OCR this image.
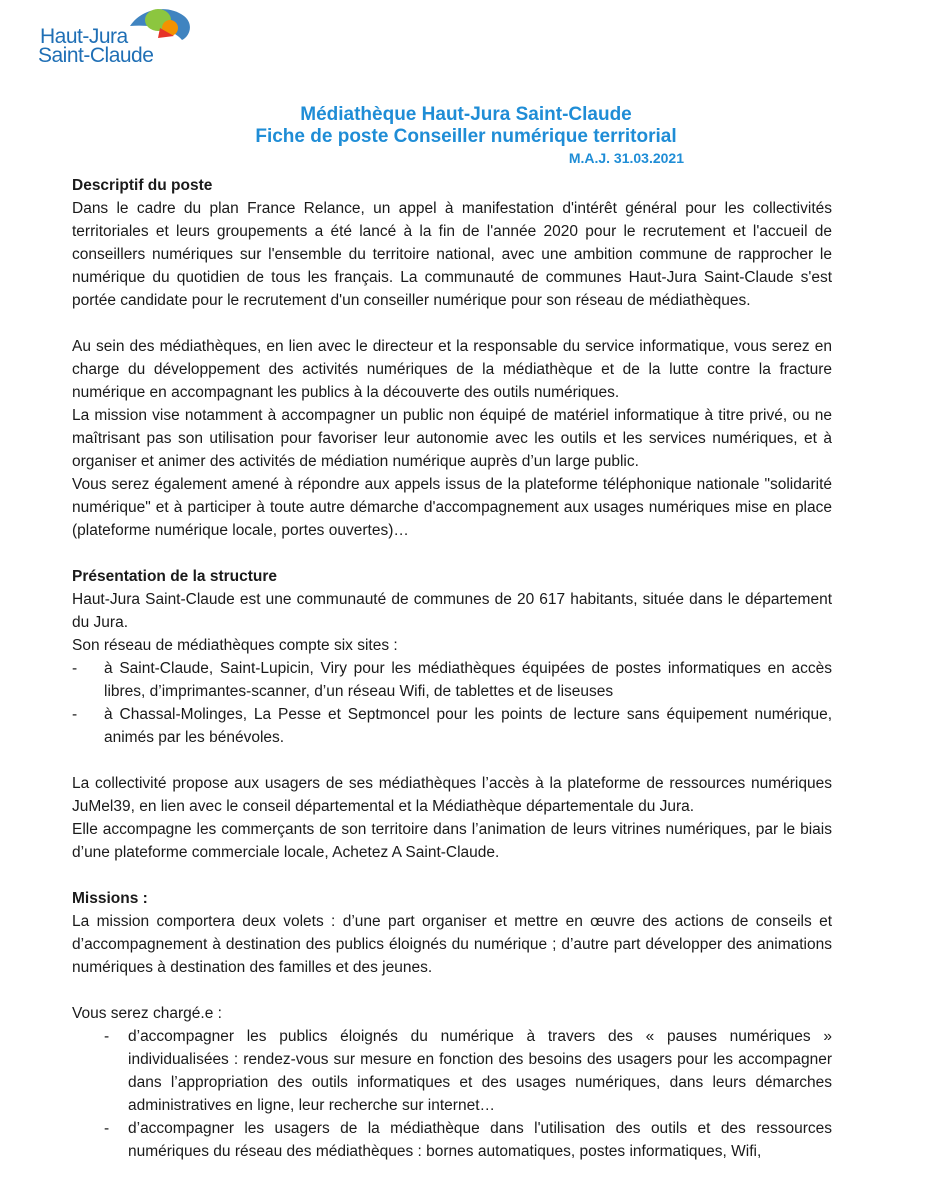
Haut-Jura
Saint-Claude
Médiathèque Haut-Jura Saint-Claude
Fiche de poste Conseiller numérique territorial
M.A.J. 31.03.2021

Descriptif du poste

Dans le cadre du plan France Relance, un appel à manifestation d'intérêt général pour les collectivités territoriales et leurs groupements a été lancé à la fin de l'année 2020 pour le recrutement et l'accueil de conseillers numériques sur l'ensemble du territoire national, avec une ambition commune de rapprocher le numérique du quotidien de tous les français. La communauté de communes Haut-Jura Saint-Claude s'est portée candidate pour le recrutement d'un conseiller numérique pour son réseau de médiathèques.

Au sein des médiathèques, en lien avec le directeur et la responsable du service informatique, vous serez en charge du développement des activités numériques de la médiathèque et de la lutte contre la fracture numérique en accompagnant les publics à la découverte des outils numériques.

La mission vise notamment à accompagner un public non équipé de matériel informatique à titre privé, ou ne maîtrisant pas son utilisation pour favoriser leur autonomie avec les outils et les services numériques, et à organiser et animer des activités de médiation numérique auprès d’un large public.

Vous serez également amené à répondre aux appels issus de la plateforme téléphonique nationale "solidarité numérique" et à participer à toute autre démarche d'accompagnement aux usages numériques mise en place (plateforme numérique locale, portes ouvertes)…

Présentation de la structure

Haut-Jura Saint-Claude est une communauté de communes de 20 617 habitants, située dans le département du Jura.

Son réseau de médiathèques compte six sites :

- à Saint-Claude, Saint-Lupicin, Viry pour les médiathèques équipées de postes informatiques en accès libres, d’imprimantes-scanner, d’un réseau Wifi, de tablettes et de liseuses
- à Chassal-Molinges, La Pesse et Septmoncel pour les points de lecture sans équipement numérique, animés par les bénévoles.

La collectivité propose aux usagers de ses médiathèques l’accès à la plateforme de ressources numériques JuMel39, en lien avec le conseil départemental et la Médiathèque départementale du Jura.

Elle accompagne les commerçants de son territoire dans l’animation de leurs vitrines numériques, par le biais d’une plateforme commerciale locale, Achetez A Saint-Claude.

Missions :

La mission comportera deux volets : d’une part organiser et mettre en œuvre des actions de conseils et d’accompagnement à destination des publics éloignés du numérique ; d’autre part développer des animations numériques à destination des familles et des jeunes.

Vous serez chargé.e :

- d’accompagner les publics éloignés du numérique à travers des « pauses numériques » individualisées : rendez-vous sur mesure en fonction des besoins des usagers pour les accompagner dans l’appropriation des outils informatiques et des usages numériques, dans leurs démarches administratives en ligne, leur recherche sur internet…
- d’accompagner les usagers de la médiathèque dans l'utilisation des outils et des ressources numériques du réseau des médiathèques : bornes automatiques, postes informatiques, Wifi,
